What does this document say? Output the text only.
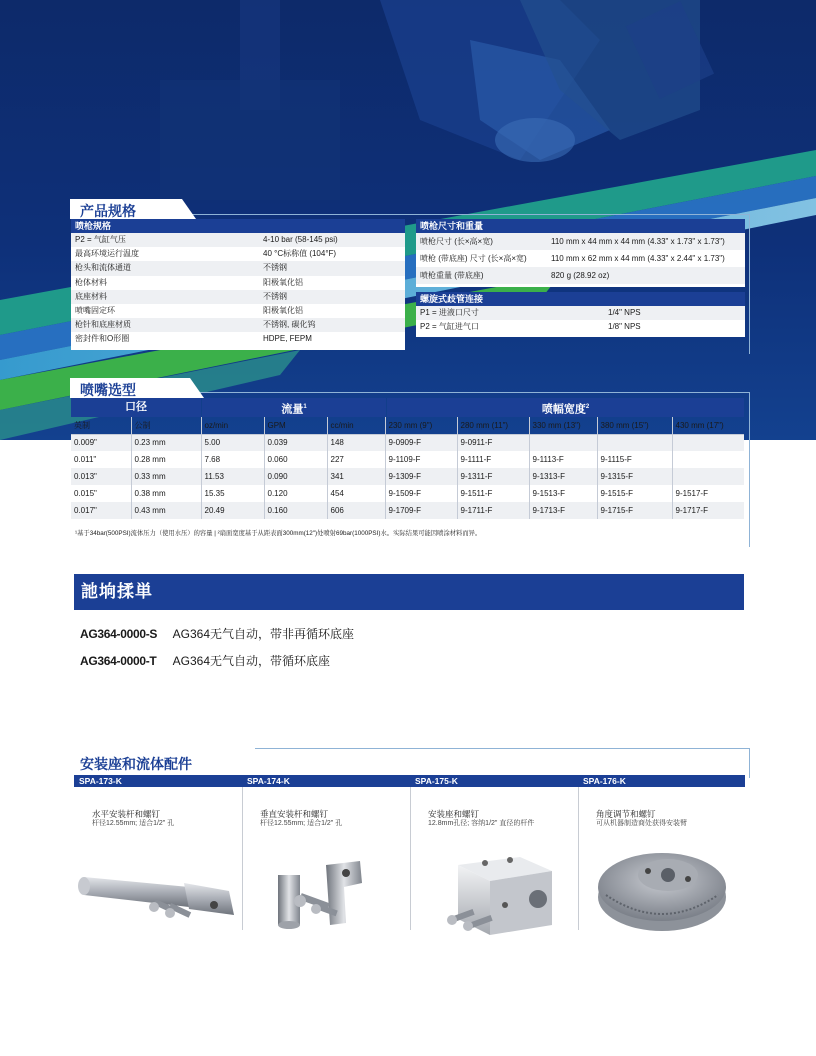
产品规格
喷枪规格
P2 = 气缸气压	4-10 bar (58-145 psi)
最高环境运行温度	40 °C标称值 (104°F)
枪头和流体通道	不锈钢
枪体材料	阳极氧化铝
底座材料	不锈钢
喷嘴固定环	阳极氧化铝
枪针和底座材质	不锈钢, 碳化钨
密封件和O形圈	HDPE, FEPM
喷枪尺寸和重量
喷枪尺寸 (长×高×宽)	110 mm x 44 mm x 44 mm (4.33" x 1.73" x 1.73")
喷枪 (带底座) 尺寸 (长×高×宽)	110 mm x 62 mm x 44 mm (4.33" x 2.44" x 1.73")
喷枪重量 (带底座)	820 g (28.92 oz)
螺旋式歧管连接
P1 = 进液口尺寸	1/4" NPS
P2 = 气缸进气口	1/8" NPS
喷嘴选型
口径	流量$^1$	喷幅宽度$^2$
英制	公制	oz/min	GPM	cc/min	230 mm (9")	280 mm (11")	330 mm (13")	380 mm (15")	430 mm (17")
0.009"	0.23 mm	5.00	0.039	148	9-0909-F	9-0911-F			
0.011"	0.28 mm	7.68	0.060	227	9-1109-F	9-1111-F	9-1113-F	9-1115-F	
0.013"	0.33 mm	11.53	0.090	341	9-1309-F	9-1311-F	9-1313-F	9-1315-F	
0.015"	0.38 mm	15.35	0.120	454	9-1509-F	9-1511-F	9-1513-F	9-1515-F	9-1517-F
0.017"	0.43 mm	20.49	0.160	606	9-1709-F	9-1711-F	9-1713-F	9-1715-F	9-1717-F
¹基于34bar(500PSI)流体压力（使用水压）的容量 | ²扇面宽度基于从距表面300mm(12")处喷射69bar(1000PSI)水。实际结果可能因喷涂材料而异。
訑垧揉単
AG364-0000-S AG364无气自动，带非再循环底座
AG364-0000-T AG364无气自动，带循环底座
安装座和流体配件
SPA-173-K
水平安装杆和螺钉
杆径12.55mm; 适合1/2" 孔
SPA-174-K
垂直安装杆和螺钉
杆径12.55mm; 适合1/2" 孔
SPA-175-K
安装座和螺钉
12.8mm孔径; 容纳1/2" 直径的杆件
SPA-176-K
角度调节和螺钉
可从机器制造商处获得安装臂
